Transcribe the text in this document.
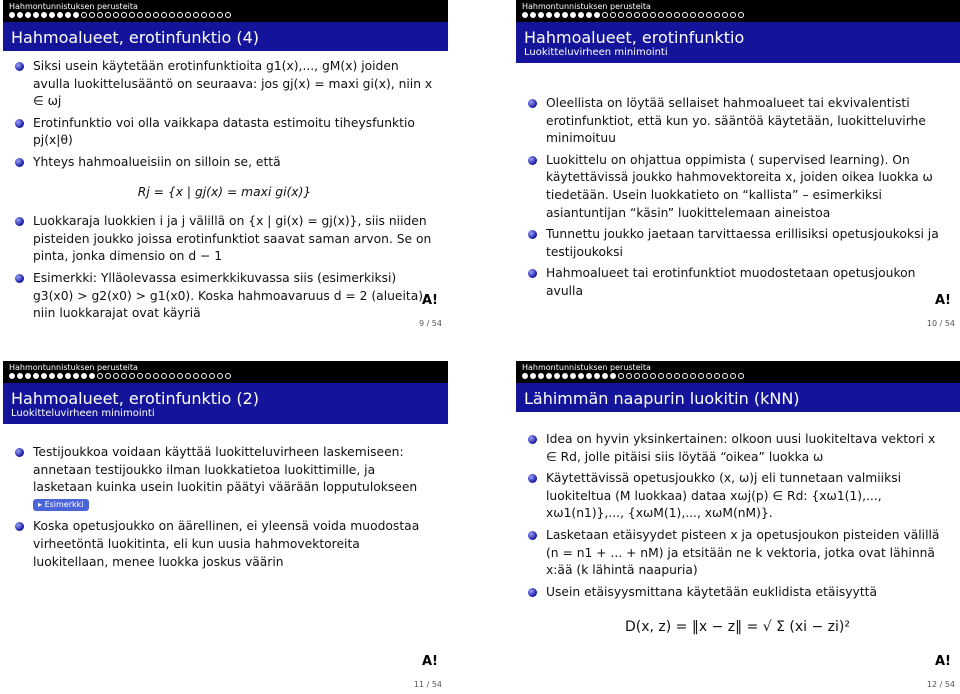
Hahmontunnistuksen perusteita
Hahmoalueet, erotinfunktio (4)
Siksi usein käytetään erotinfunktioita g1(x),..., gM(x) joiden avulla luokittelusääntö on seuraava: jos gj(x) = maxi gi(x), niin x ∈ ωj
Erotinfunktio voi olla vaikkapa datasta estimoitu tiheysfunktio pj(x|θ)
Yhteys hahmoalueisiin on silloin se, että
Rj = {x | gj(x) = maxi gi(x)}
Luokkaraja luokkien i ja j välillä on {x | gi(x) = gj(x)}, siis niiden pisteiden joukko joissa erotinfunktiot saavat saman arvon. Se on pinta, jonka dimensio on d − 1
Esimerkki: Ylläolevassa esimerkkikuvassa siis (esimerkiksi) g3(x0) > g2(x0) > g1(x0). Koska hahmoavaruus d = 2 (alueita), niin luokkarajat ovat käyriä
A!
9 / 54
Hahmontunnistuksen perusteita
Hahmoalueet, erotinfunktio
Luokitteluvirheen minimointi
Oleellista on löytää sellaiset hahmoalueet tai ekvivalentisti erotinfunktiot, että kun yo. sääntöä käytetään, luokitteluvirhe minimoituu
Luokittelu on ohjattua oppimista ( supervised learning). On käytettävissä joukko hahmovektoreita x, joiden oikea luokka ω tiedetään. Usein luokkatieto on “kallista” – esimerkiksi asiantuntijan “käsin” luokittelemaan aineistoa
Tunnettu joukko jaetaan tarvittaessa erillisiksi opetusjoukoksi ja testijoukoksi
Hahmoalueet tai erotinfunktiot muodostetaan opetusjoukon avulla
A!
10 / 54
Hahmontunnistuksen perusteita
Hahmoalueet, erotinfunktio (2)
Luokitteluvirheen minimointi
Testijoukkoa voidaan käyttää luokitteluvirheen laskemiseen: annetaan testijoukko ilman luokkatietoa luokittimille, ja lasketaan kuinka usein luokitin päätyi väärään lopputulokseen ▸ Esimerkki
Koska opetusjoukko on äärellinen, ei yleensä voida muodostaa virheetöntä luokitinta, eli kun uusia hahmovektoreita luokitellaan, menee luokka joskus väärin
A!
11 / 54
Hahmontunnistuksen perusteita
Lähimmän naapurin luokitin (kNN)
Idea on hyvin yksinkertainen: olkoon uusi luokiteltava vektori x ∈ Rd, jolle pitäisi siis löytää “oikea” luokka ω
Käytettävissä opetusjoukko (x, ω)j eli tunnetaan valmiiksi luokiteltua (M luokkaa) dataa xωj(p) ∈ Rd: {xω1(1),..., xω1(n1)},..., {xωM(1),..., xωM(nM)}.
Lasketaan etäisyydet pisteen x ja opetusjoukon pisteiden välillä (n = n1 + ... + nM) ja etsitään ne k vektoria, jotka ovat lähinnä x:ää (k lähintä naapuria)
Usein etäisyysmittana käytetään euklidista etäisyyttä
D(x, z) = ‖x − z‖ = √ Σ (xi − zi)²
A!
12 / 54
